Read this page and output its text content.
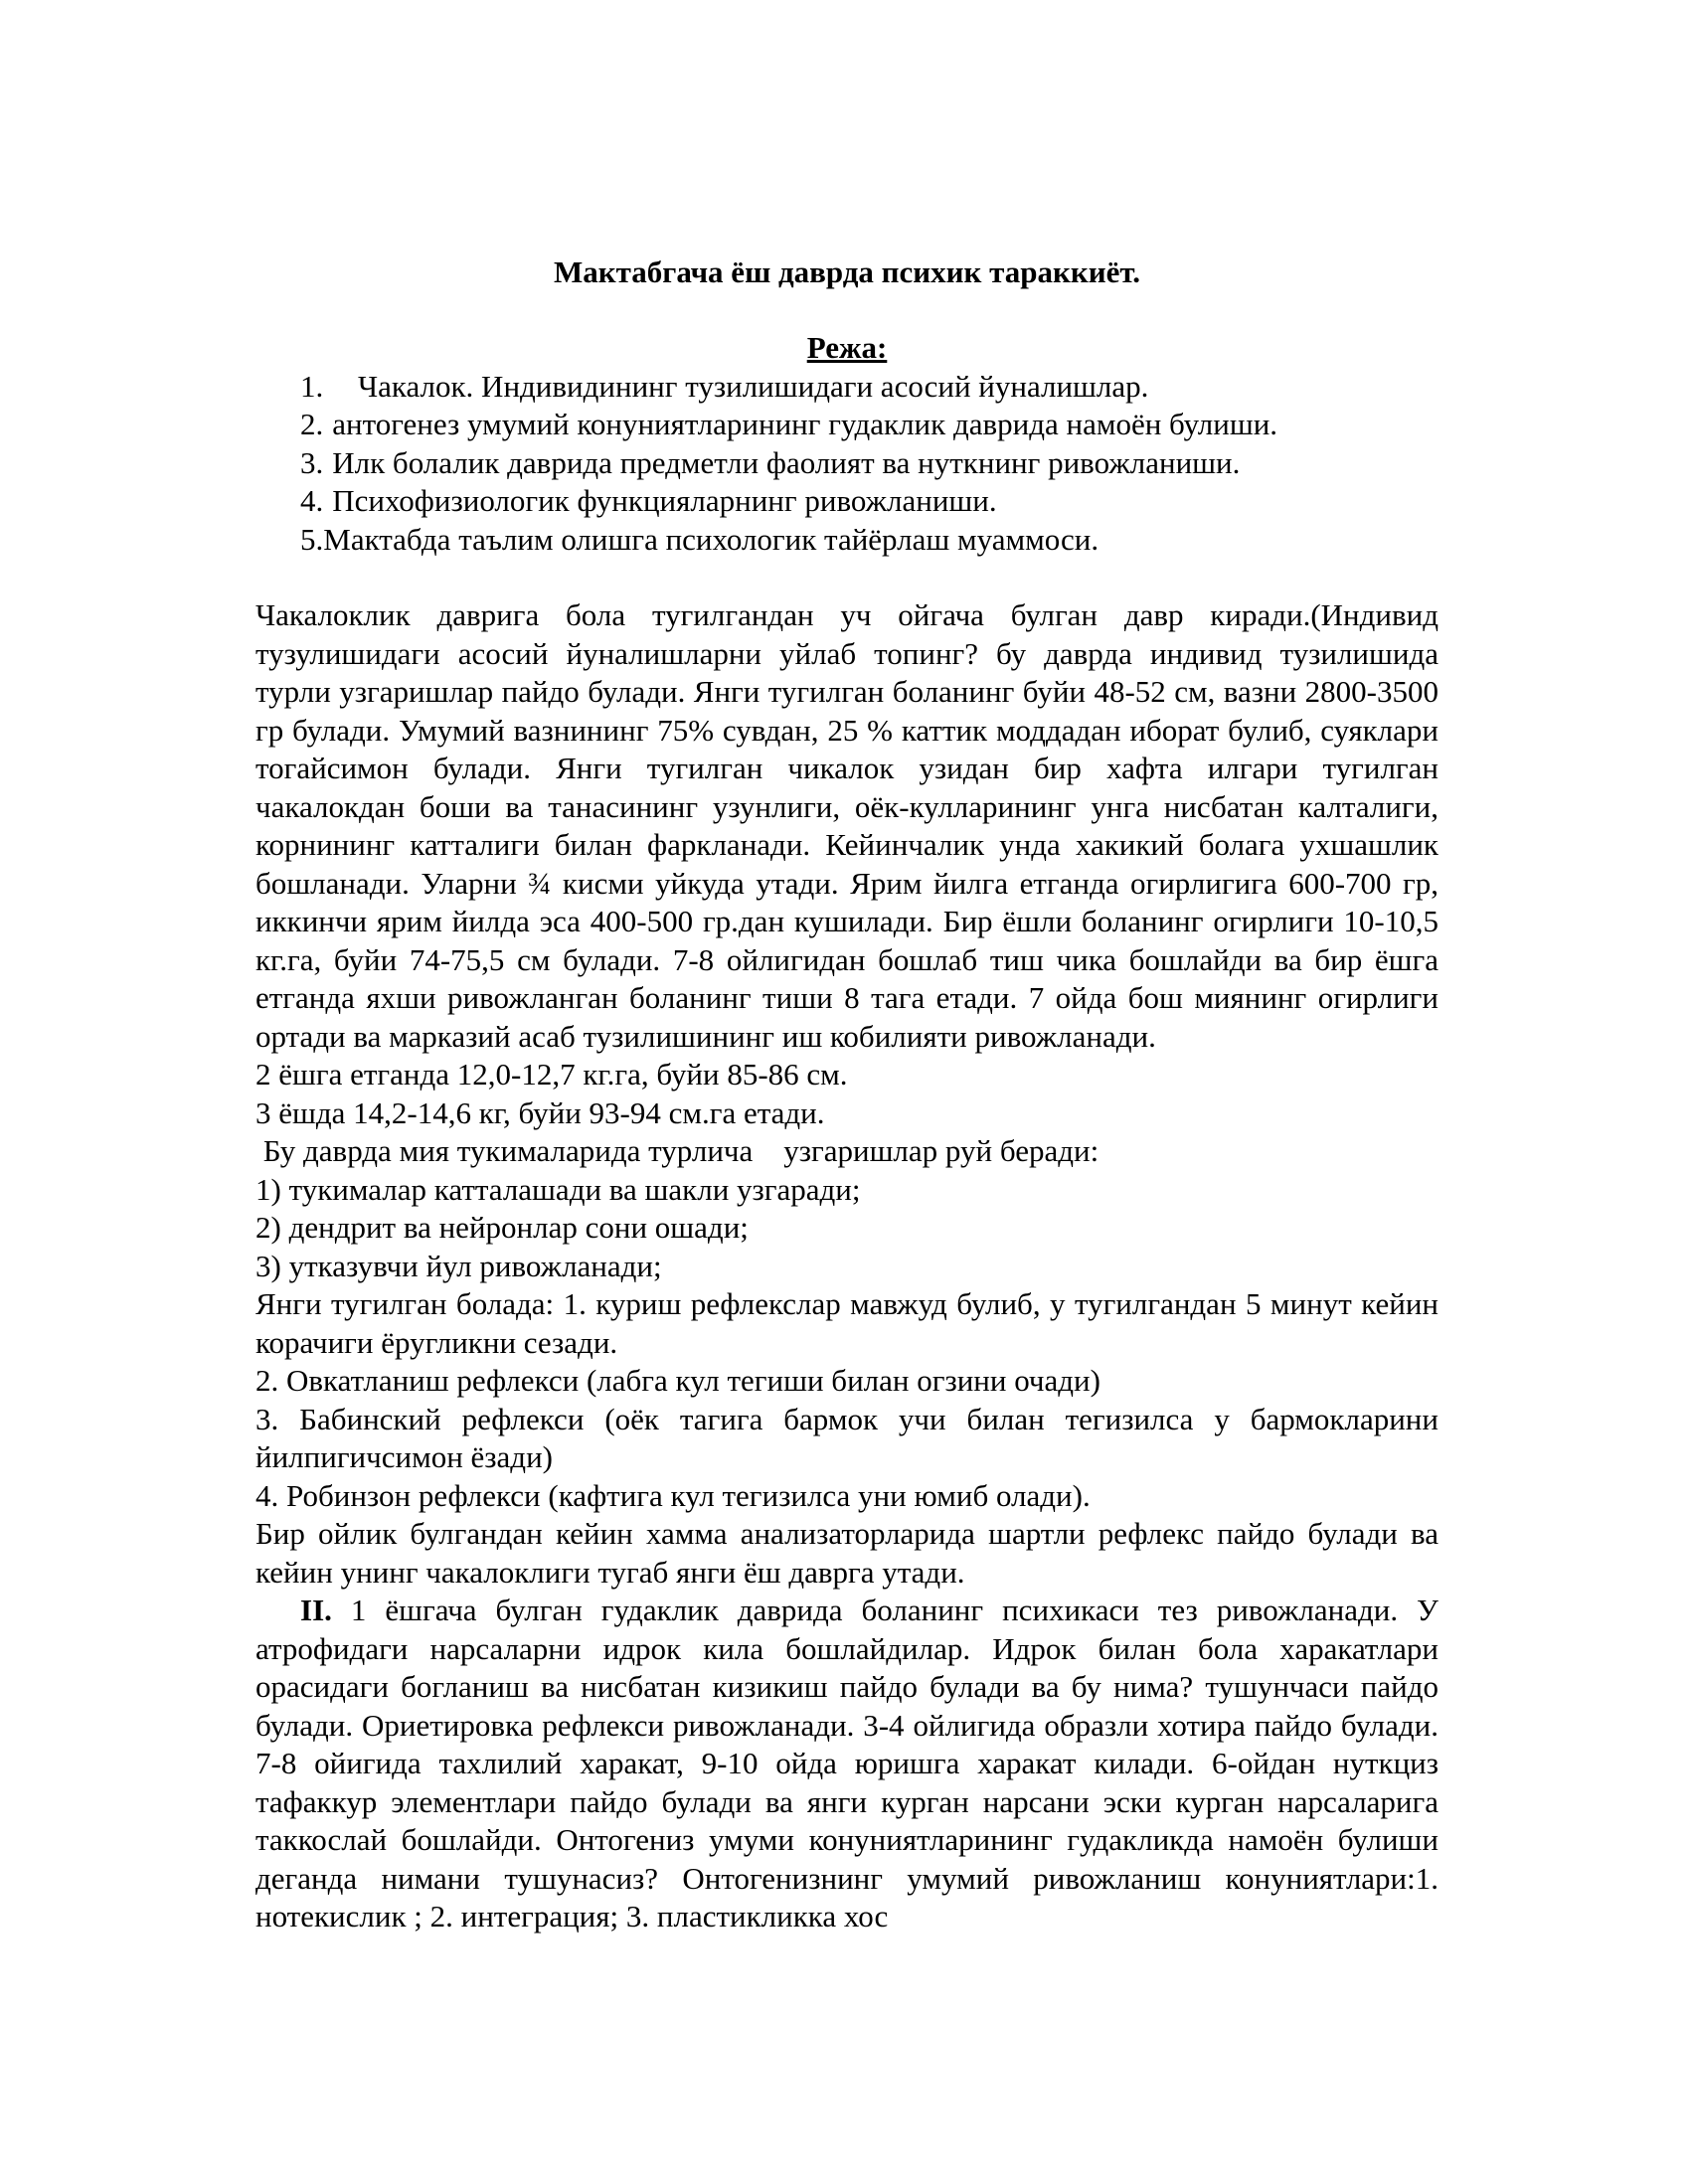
Мактабгача ёш даврда психик тараккиёт.

Режа:

1. Чакалок. Индивидининг тузилишидаги асосий йуналишлар.
2. антогенез умумий конуниятларининг гудаклик даврида намоён булиши.
3. Илк болалик даврида предметли фаолият ва нуткнинг ривожланиши.
4. Психофизиологик функцияларнинг ривожланиши.
5.Мактабда таълим олишга психологик тайёрлаш муаммоси.

Чакалоклик даврига бола тугилгандан уч ойгача булган давр киради.(Индивид тузулишидаги асосий йуналишларни уйлаб топинг? бу даврда индивид тузилишида турли узгаришлар пайдо булади. Янги тугилган боланинг буйи 48-52 см, вазни 2800-3500 гр булади. Умумий вазнининг 75% сувдан, 25 % каттик моддадан иборат булиб, суяклари тогайсимон булади. Янги тугилган чикалок узидан бир хафта илгари тугилган чакалокдан боши ва танасининг узунлиги, оёк-кулларининг унга нисбатан калталиги, корнининг катталиги билан фаркланади. Кейинчалик унда хакикий болага ухшашлик бошланади. Уларни ¾ кисми уйкуда утади. Ярим йилга етганда огирлигига 600-700 гр, иккинчи ярим йилда эса 400-500 гр.дан кушилади. Бир ёшли боланинг огирлиги 10-10,5 кг.га, буйи 74-75,5 см булади. 7-8 ойлигидан бошлаб тиш чика бошлайди ва бир ёшга етганда яхши ривожланган боланинг тиши 8 тага етади. 7 ойда бош миянинг огирлиги ортади ва марказий асаб тузилишининг иш кобилияти ривожланади.

2 ёшга етганда 12,0-12,7 кг.га, буйи 85-86 см.

3 ёшда 14,2-14,6 кг, буйи 93-94 см.га етади.

Бу даврда мия тукималарида турлича    узгаришлар руй беради:

1) тукималар катталашади ва шакли узгаради;

2) дендрит ва нейронлар сони ошади;

3) утказувчи йул ривожланади;

Янги тугилган болада: 1. куриш рефлекслар мавжуд булиб, у тугилгандан 5 минут кейин корачиги ёругликни сезади.

2. Овкатланиш рефлекси (лабга кул тегиши билан огзини очади)

3. Бабинский рефлекси (оёк тагига бармок учи билан тегизилса у бармокларини йилпигичсимон ёзади)

4. Робинзон рефлекси (кафтига кул тегизилса уни юмиб олади).

Бир ойлик булгандан кейин хамма анализаторларида шартли рефлекс пайдо булади ва кейин унинг чакалоклиги тугаб янги ёш даврга утади.

II. 1 ёшгача булган гудаклик даврида боланинг психикаси тез ривожланади. У атрофидаги нарсаларни идрок кила бошлайдилар. Идрок билан бола харакатлари орасидаги богланиш ва нисбатан кизикиш пайдо булади ва бу нима? тушунчаси пайдо булади. Ориетировка рефлекси ривожланади. 3-4 ойлигида образли хотира пайдо булади. 7-8 ойигида тахлилий харакат, 9-10 ойда юришга харакат килади. 6-ойдан нуткциз тафаккур элементлари пайдо булади ва янги курган нарсани эски курган нарсаларига таккослай бошлайди. Онтогениз умуми конуниятларининг гудакликда намоён булиши деганда нимани тушунасиз? Онтогенизнинг умумий ривожланиш конуниятлари:1. нотекислик ; 2. интеграция; 3. пластикликка хос
